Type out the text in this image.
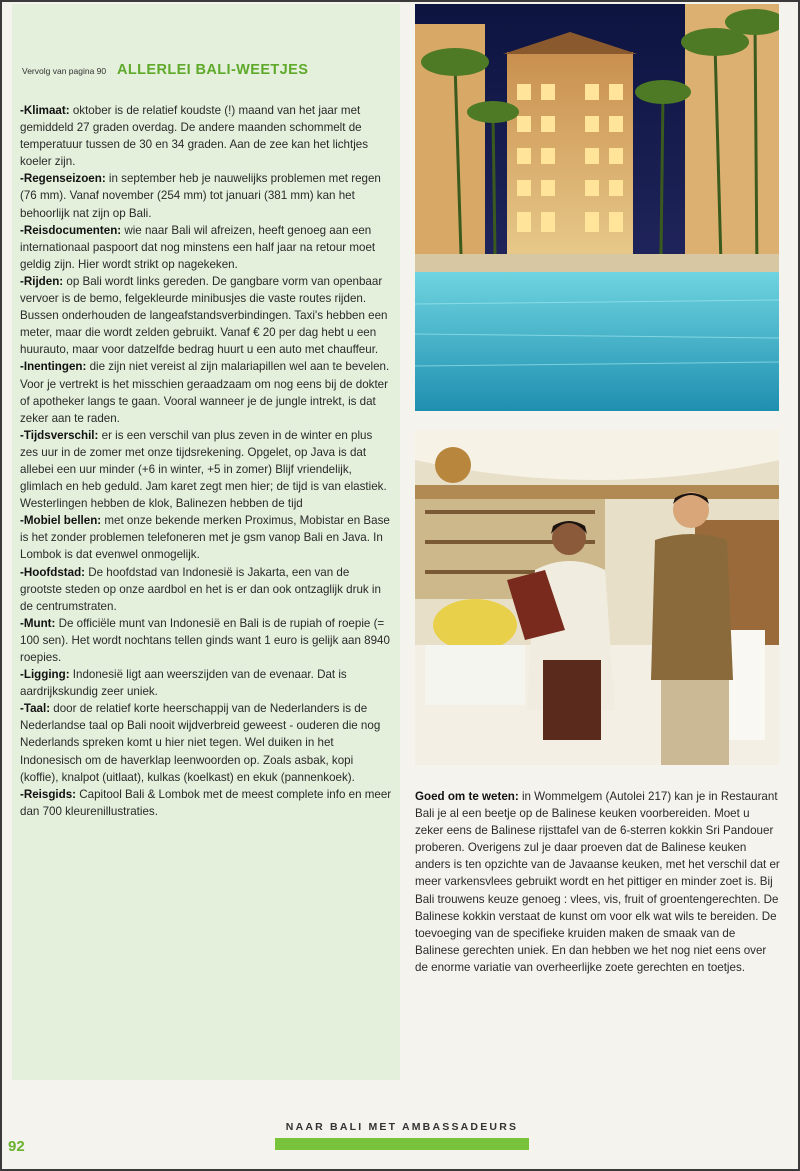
Vervolg van pagina 90 ALLERLEI BALI-WEETJES

-Klimaat: oktober is de relatief koudste (!) maand van het jaar met gemiddeld 27 graden overdag. De andere maanden schommelt de temperatuur tussen de 30 en 34 graden. Aan de zee kan het lichtjes koeler zijn.

-Regenseizoen: in september heb je nauwelijks problemen met regen (76 mm). Vanaf november (254 mm) tot januari (381 mm) kan het behoorlijk nat zijn op Bali.

-Reisdocumenten: wie naar Bali wil afreizen, heeft genoeg aan een internationaal paspoort dat nog minstens een half jaar na retour moet geldig zijn. Hier wordt strikt op nagekeken.

-Rijden: op Bali wordt links gereden. De gangbare vorm van openbaar vervoer is de bemo, felgekleurde minibusjes die vaste routes rijden. Bussen onderhouden de langeafstandsverbindingen. Taxi's hebben een meter, maar die wordt zelden gebruikt. Vanaf € 20 per dag hebt u een huurauto, maar voor datzelfde bedrag huurt u een auto met chauffeur.

-Inentingen: die zijn niet vereist al zijn malariapillen wel aan te bevelen. Voor je vertrekt is het misschien geraadzaam om nog eens bij de dokter of apotheker langs te gaan. Vooral wanneer je de jungle intrekt, is dat zeker aan te raden.

-Tijdsverschil: er is een verschil van plus zeven in de winter en plus zes uur in de zomer met onze tijdsrekening. Opgelet, op Java is dat allebei een uur minder (+6 in winter, +5 in zomer) Blijf vriendelijk, glimlach en heb geduld. Jam karet zegt men hier; de tijd is van elastiek. Westerlingen hebben de klok, Balinezen hebben de tijd

-Mobiel bellen: met onze bekende merken Proximus, Mobistar en Base is het zonder problemen telefoneren met je gsm vanop Bali en Java. In Lombok is dat evenwel onmogelijk.

-Hoofdstad: De hoofdstad van Indonesië is Jakarta, een van de grootste steden op onze aardbol en het is er dan ook ontzaglijk druk in de centrumstraten.

-Munt: De officiële munt van Indonesië en Bali is de rupiah of roepie (= 100 sen). Het wordt nochtans tellen ginds want 1 euro is gelijk aan 8940 roepies.

-Ligging: Indonesië ligt aan weerszijden van de evenaar. Dat is aardrijkskundig zeer uniek.

-Taal: door de relatief korte heerschappij van de Nederlanders is de Nederlandse taal op Bali nooit wijdverbreid geweest - ouderen die nog Nederlands spreken komt u hier niet tegen. Wel duiken in het Indonesisch om de haverklap leenwoorden op. Zoals asbak, kopi (koffie), knalpot (uitlaat), kulkas (koelkast) en ekuk (pannenkoek).

-Reisgids: Capitool Bali & Lombok met de meest complete info en meer dan 700 kleurenillustraties.

Goed om te weten: in Wommelgem (Autolei 217) kan je in Restaurant Bali je al een beetje op de Balinese keuken voorbereiden. Moet u zeker eens de Balinese rijsttafel van de 6-sterren kokkin Sri Pandouer proberen. Overigens zul je daar proeven dat de Balinese keuken anders is ten opzichte van de Javaanse keuken, met het verschil dat er meer varkensvlees gebruikt wordt en het pittiger en minder zoet is. Bij Bali trouwens keuze genoeg : vlees, vis, fruit of groentengerechten. De Balinese kokkin verstaat de kunst om voor elk wat wils te bereiden. De toevoeging van de specifieke kruiden maken de smaak van de Balinese gerechten uniek. En dan hebben we het nog niet eens over de enorme variatie van overheerlijke zoete gerechten en toetjes.

NAAR BALI MET AMBASSADEURS
92
